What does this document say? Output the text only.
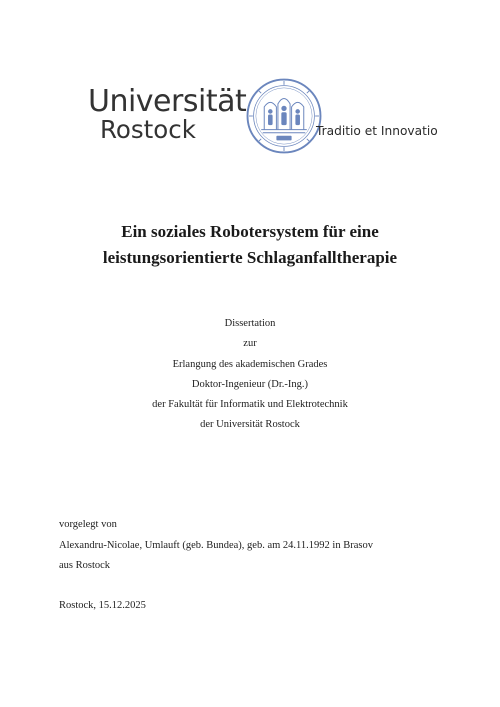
Universität
Rostock	Traditio et Innovatio
Ein soziales Robotersystem für eine
leistungsorientierte Schlaganfalltherapie
Dissertation
zur
Erlangung des akademischen Grades
Doktor-Ingenieur (Dr.-Ing.)
der Fakultät für Informatik und Elektrotechnik
der Universität Rostock
vorgelegt von
Alexandru-Nicolae, Umlauft (geb. Bundea), geb. am 24.11.1992 in Brasov
aus Rostock
Rostock, 15.12.2025
